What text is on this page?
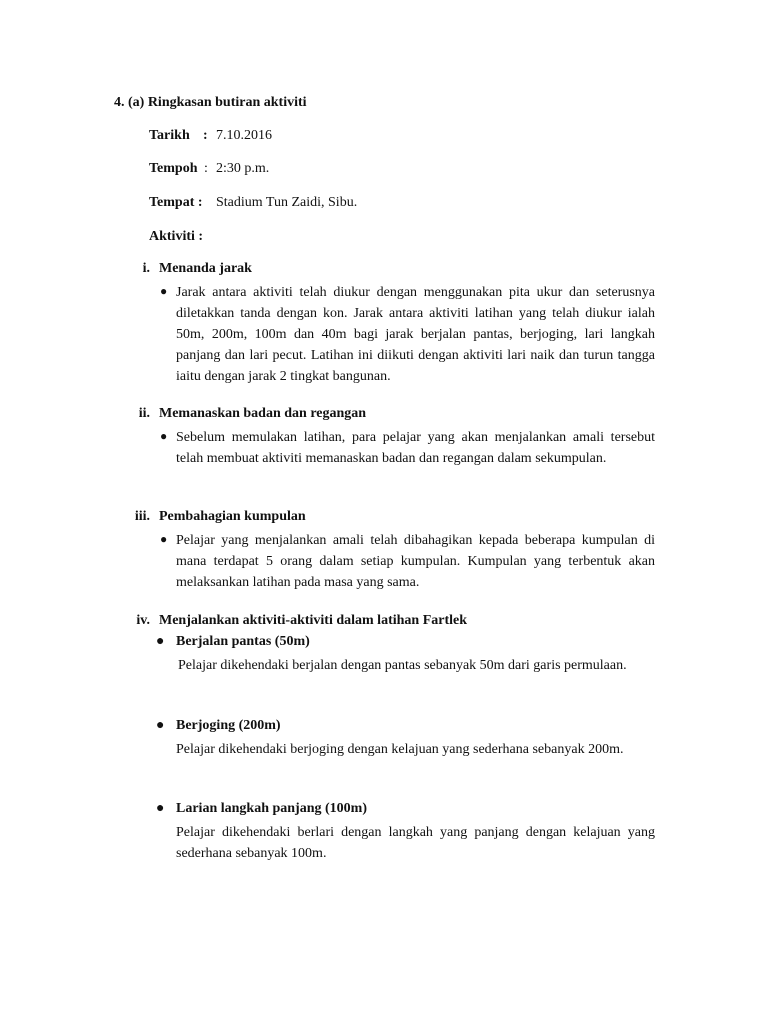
4. (a) Ringkasan butiran aktiviti
Tarikh : 7.10.2016
Tempoh : 2:30 p.m.
Tempat : Stadium Tun Zaidi, Sibu.
Aktiviti :
i. Menanda jarak
● Jarak antara aktiviti telah diukur dengan menggunakan pita ukur dan seterusnya diletakkan tanda dengan kon. Jarak antara aktiviti latihan yang telah diukur ialah 50m, 200m, 100m dan 40m bagi jarak berjalan pantas, berjoging, lari langkah panjang dan lari pecut. Latihan ini diikuti dengan aktiviti lari naik dan turun tangga iaitu dengan jarak 2 tingkat bangunan.
ii. Memanaskan badan dan regangan
● Sebelum memulakan latihan, para pelajar yang akan menjalankan amali tersebut telah membuat aktiviti memanaskan badan dan regangan dalam sekumpulan.
iii. Pembahagian kumpulan
● Pelajar yang menjalankan amali telah dibahagikan kepada beberapa kumpulan di mana terdapat 5 orang dalam setiap kumpulan. Kumpulan yang terbentuk akan melaksankan latihan pada masa yang sama.
iv. Menjalankan aktiviti-aktiviti dalam latihan Fartlek
● Berjalan pantas (50m)
Pelajar dikehendaki berjalan dengan pantas sebanyak 50m dari garis permulaan.
● Berjoging (200m)
Pelajar dikehendaki berjoging dengan kelajuan yang sederhana sebanyak 200m.
● Larian langkah panjang (100m)
Pelajar dikehendaki berlari dengan langkah yang panjang dengan kelajuan yang sederhana sebanyak 100m.
